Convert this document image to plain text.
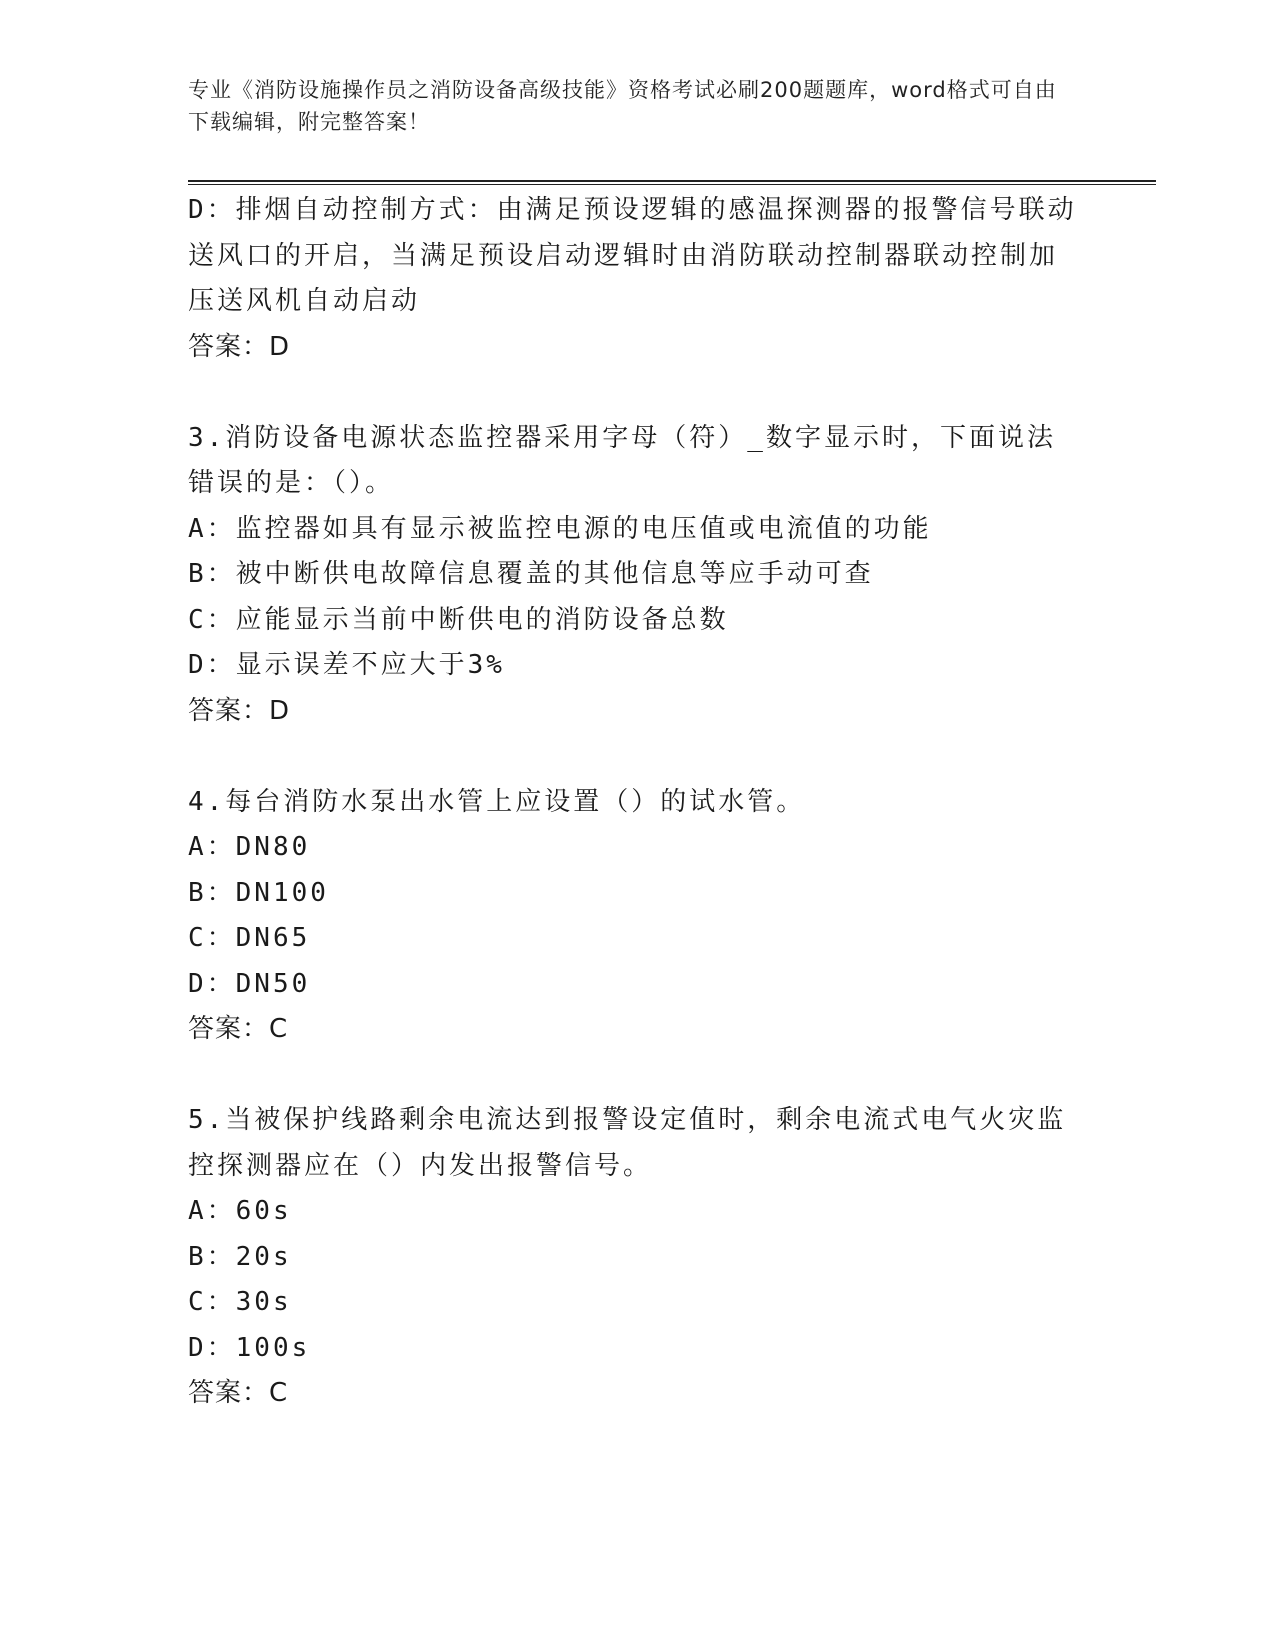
专业《消防设施操作员之消防设备高级技能》资格考试必刷200题题库，word格式可自由下载编辑，附完整答案！

D：排烟自动控制方式：由满足预设逻辑的感温探测器的报警信号联动送风口的开启，当满足预设启动逻辑时由消防联动控制器联动控制加压送风机自动启动

答案：D

3.消防设备电源状态监控器采用字母（符）_数字显示时，下面说法错误的是：（）。

A：监控器如具有显示被监控电源的电压值或电流值的功能

B：被中断供电故障信息覆盖的其他信息等应手动可查

C：应能显示当前中断供电的消防设备总数

D：显示误差不应大于3%

答案：D

4.每台消防水泵出水管上应设置（）的试水管。

A：DN80

B：DN100

C：DN65

D：DN50

答案：C

5.当被保护线路剩余电流达到报警设定值时，剩余电流式电气火灾监控探测器应在（）内发出报警信号。

A：60s

B：20s

C：30s

D：100s

答案：C
